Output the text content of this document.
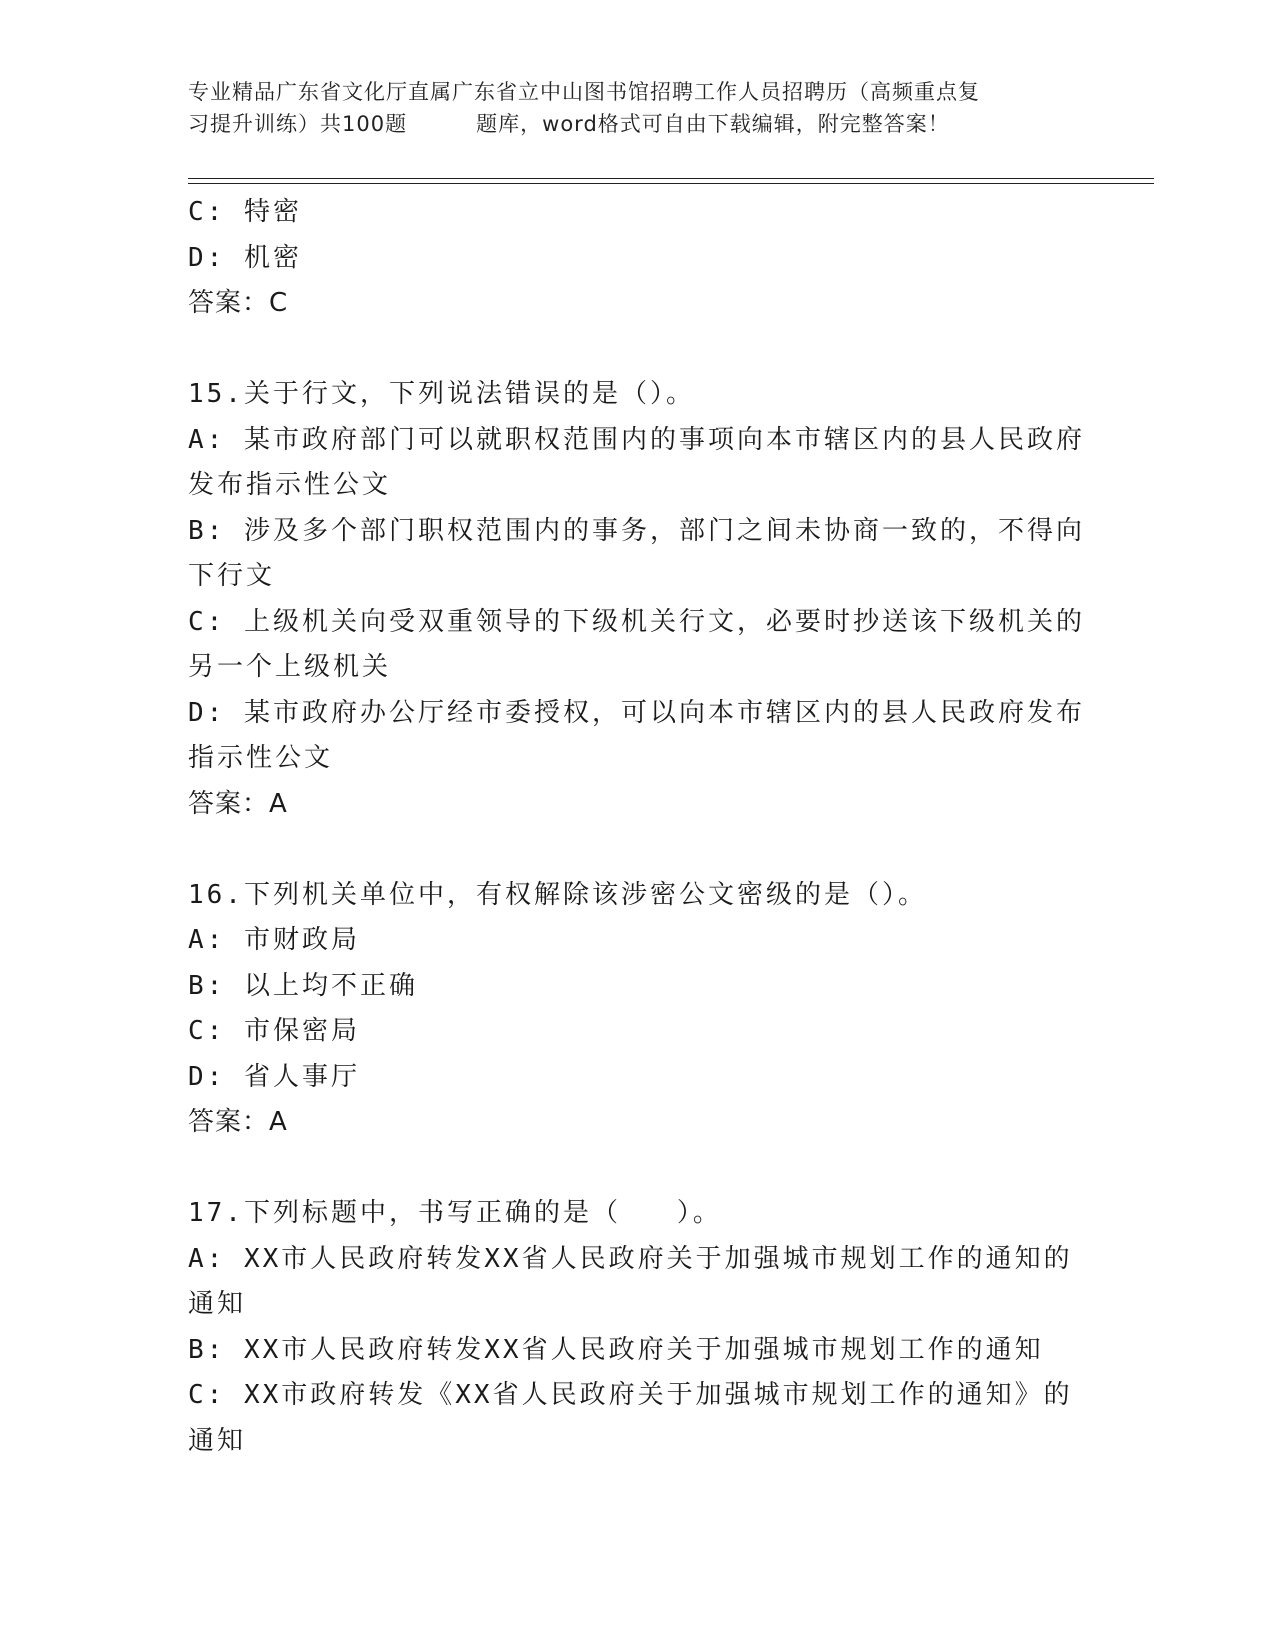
专业精品广东省文化厅直属广东省立中山图书馆招聘工作人员招聘历（高频重点复
习提升训练）共100题         题库，word格式可自由下载编辑，附完整答案！
C: 特密
D: 机密
答案：C
15.关于行文，下列说法错误的是（）。
A: 某市政府部门可以就职权范围内的事项向本市辖区内的县人民政府
发布指示性公文
B: 涉及多个部门职权范围内的事务，部门之间未协商一致的，不得向
下行文
C: 上级机关向受双重领导的下级机关行文，必要时抄送该下级机关的
另一个上级机关
D: 某市政府办公厅经市委授权，可以向本市辖区内的县人民政府发布
指示性公文
答案：A
16.下列机关单位中，有权解除该涉密公文密级的是（）。
A: 市财政局
B: 以上均不正确
C: 市保密局
D: 省人事厅
答案：A
17.下列标题中，书写正确的是（   ）。
A: XX市人民政府转发XX省人民政府关于加强城市规划工作的通知的
通知
B: XX市人民政府转发XX省人民政府关于加强城市规划工作的通知
C: XX市政府转发《XX省人民政府关于加强城市规划工作的通知》的
通知
